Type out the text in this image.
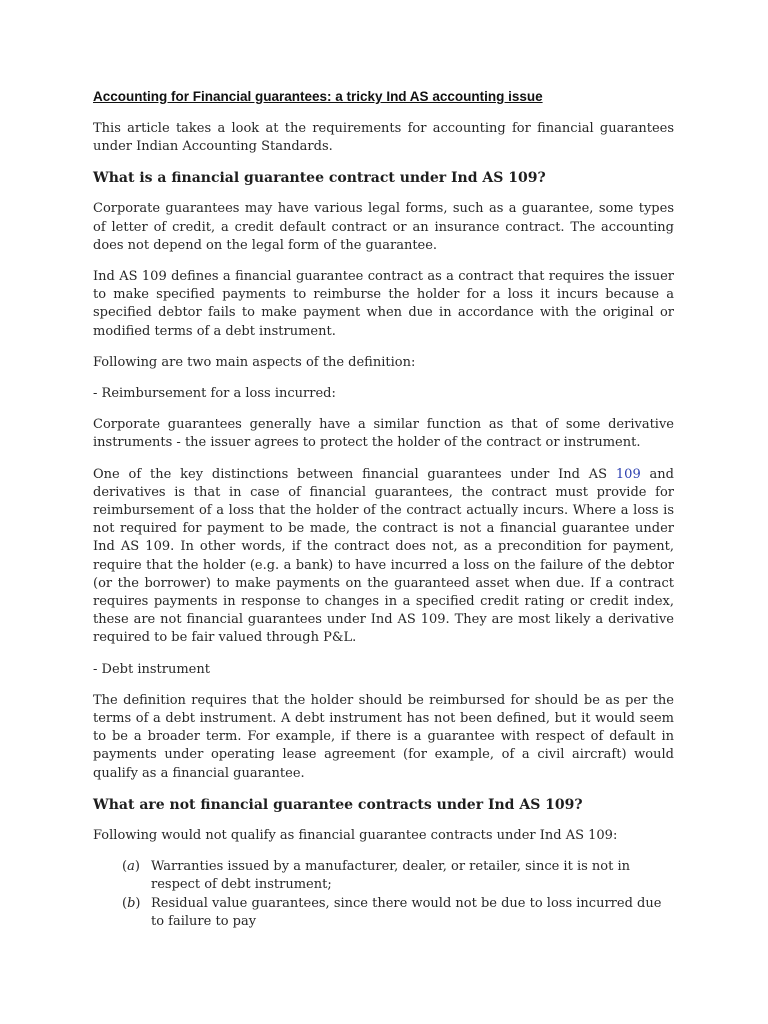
Accounting for Financial guarantees: a tricky Ind AS accounting issue

This article takes a look at the requirements for accounting for financial guarantees under Indian Accounting Standards.

What is a financial guarantee contract under Ind AS 109?

Corporate guarantees may have various legal forms, such as a guarantee, some types of letter of credit, a credit default contract or an insurance contract. The accounting does not depend on the legal form of the guarantee.

Ind AS 109 defines a financial guarantee contract as a contract that requires the issuer to make specified payments to reimburse the holder for a loss it incurs because a specified debtor fails to make payment when due in accordance with the original or modified terms of a debt instrument.

Following are two main aspects of the definition:

- Reimbursement for a loss incurred:

Corporate guarantees generally have a similar function as that of some derivative instruments - the issuer agrees to protect the holder of the contract or instrument.

One of the key distinctions between financial guarantees under Ind AS 109 and derivatives is that in case of financial guarantees, the contract must provide for reimbursement of a loss that the holder of the contract actually incurs. Where a loss is not required for payment to be made, the contract is not a financial guarantee under Ind AS 109. In other words, if the contract does not, as a precondition for payment, require that the holder (e.g. a bank) to have incurred a loss on the failure of the debtor (or the borrower) to make payments on the guaranteed asset when due. If a contract requires payments in response to changes in a specified credit rating or credit index, these are not financial guarantees under Ind AS 109. They are most likely a derivative required to be fair valued through P&L.

- Debt instrument

The definition requires that the holder should be reimbursed for should be as per the terms of a debt instrument. A debt instrument has not been defined, but it would seem to be a broader term. For example, if there is a guarantee with respect of default in payments under operating lease agreement (for example, of a civil aircraft) would qualify as a financial guarantee.

What are not financial guarantee contracts under Ind AS 109?

Following would not qualify as financial guarantee contracts under Ind AS 109:

(a) Warranties issued by a manufacturer, dealer, or retailer, since it is not in respect of debt instrument;
(b) Residual value guarantees, since there would not be due to loss incurred due to failure to pay
